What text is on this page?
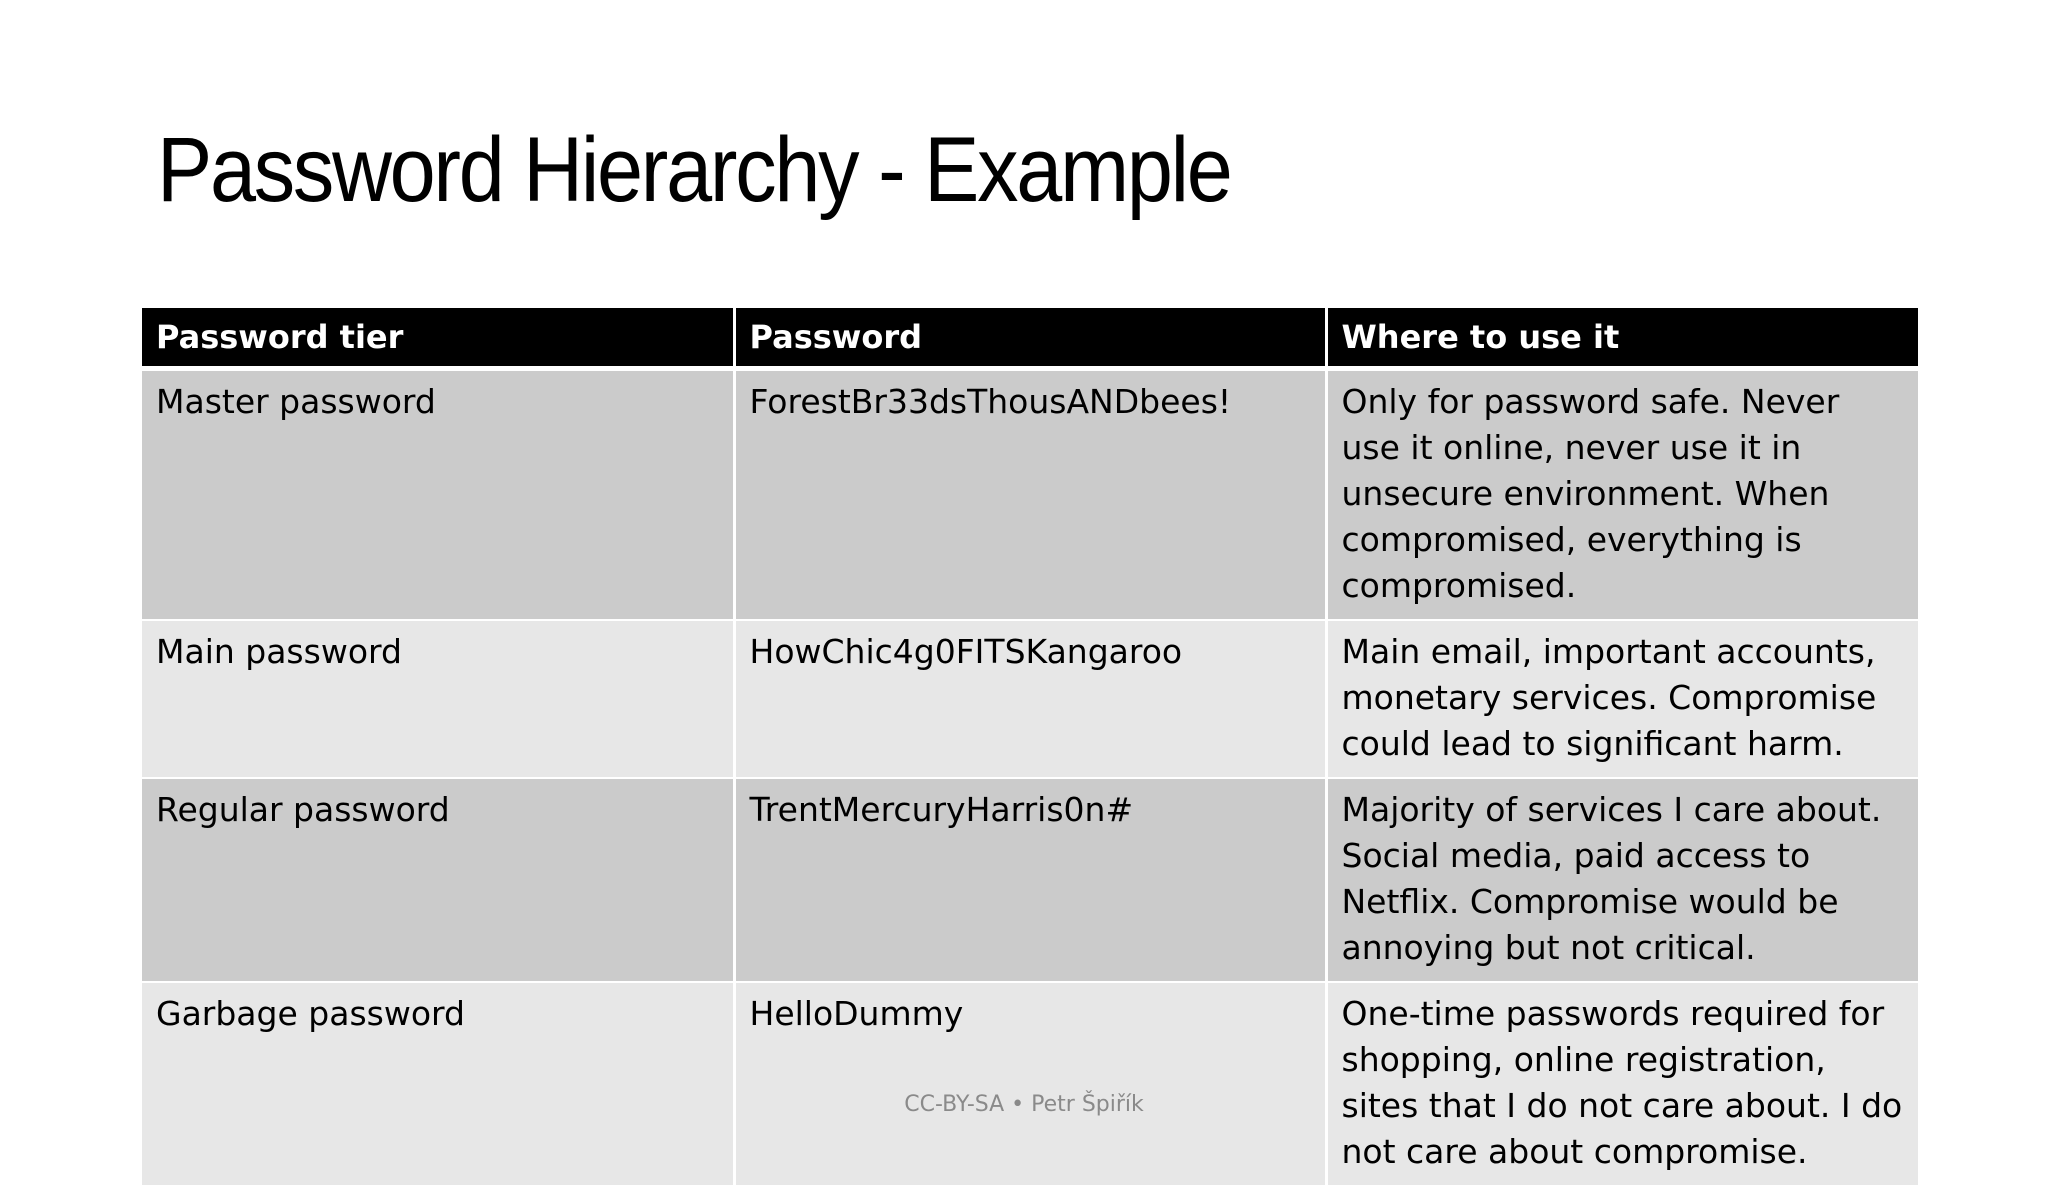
Password Hierarchy - Example
Password tier	Password	Where to use it
Master password	ForestBr33dsThousANDbees!	Only for password safe. Never use it online, never use it in unsecure environment. When compromised, everything is compromised.
Main password	HowChic4g0FITSKangaroo	Main email, important accounts, monetary services. Compromise could lead to significant harm.
Regular password	TrentMercuryHarris0n#	Majority of services I care about. Social media, paid access to Netflix. Compromise would be annoying but not critical.
Garbage password	HelloDummy	One-time passwords required for shopping, online registration, sites that I do not care about. I do not care about compromise.
CC-BY-SA • Petr Špiřík
